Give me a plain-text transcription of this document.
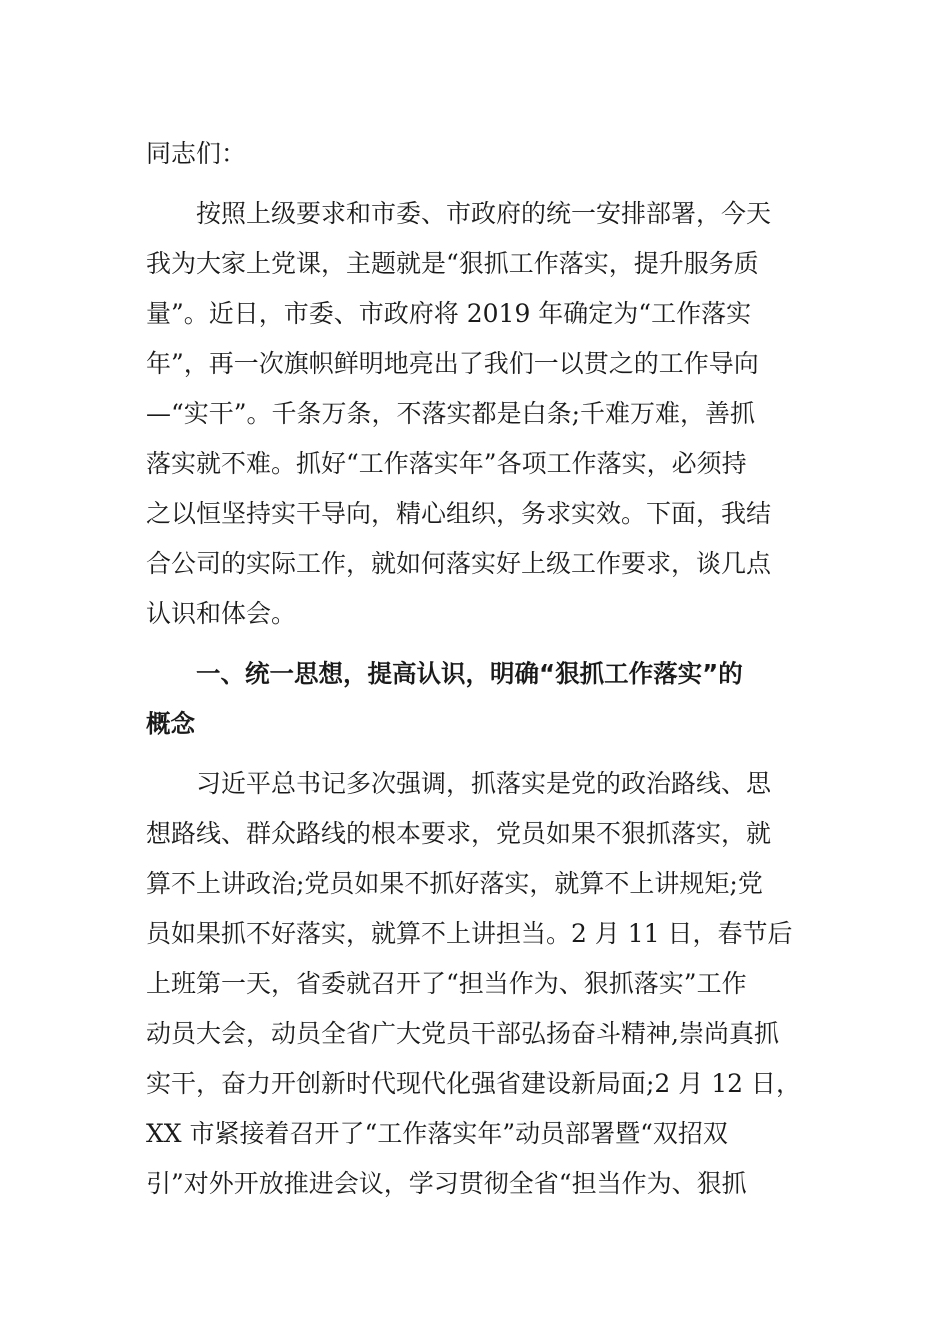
同志们：
按照上级要求和市委、市政府的统一安排部署，今天
我为大家上党课，主题就是“狠抓工作落实，提升服务质
量”。近日，市委、市政府将 2019 年确定为“工作落实
年”，再一次旗帜鲜明地亮出了我们一以贯之的工作导向
—“实干”。千条万条，不落实都是白条;千难万难，善抓
落实就不难。抓好“工作落实年”各项工作落实，必须持
之以恒坚持实干导向，精心组织，务求实效。下面，我结
合公司的实际工作，就如何落实好上级工作要求，谈几点
认识和体会。
一、统一思想，提高认识，明确“狠抓工作落实”的
概念
习近平总书记多次强调，抓落实是党的政治路线、思
想路线、群众路线的根本要求，党员如果不狠抓落实，就
算不上讲政治;党员如果不抓好落实，就算不上讲规矩;党
员如果抓不好落实，就算不上讲担当。2 月 11 日，春节后
上班第一天，省委就召开了“担当作为、狠抓落实”工作
动员大会，动员全省广大党员干部弘扬奋斗精神,崇尚真抓
实干，奋力开创新时代现代化强省建设新局面;2 月 12 日，
XX 市紧接着召开了“工作落实年”动员部署暨“双招双
引”对外开放推进会议，学习贯彻全省“担当作为、狠抓
